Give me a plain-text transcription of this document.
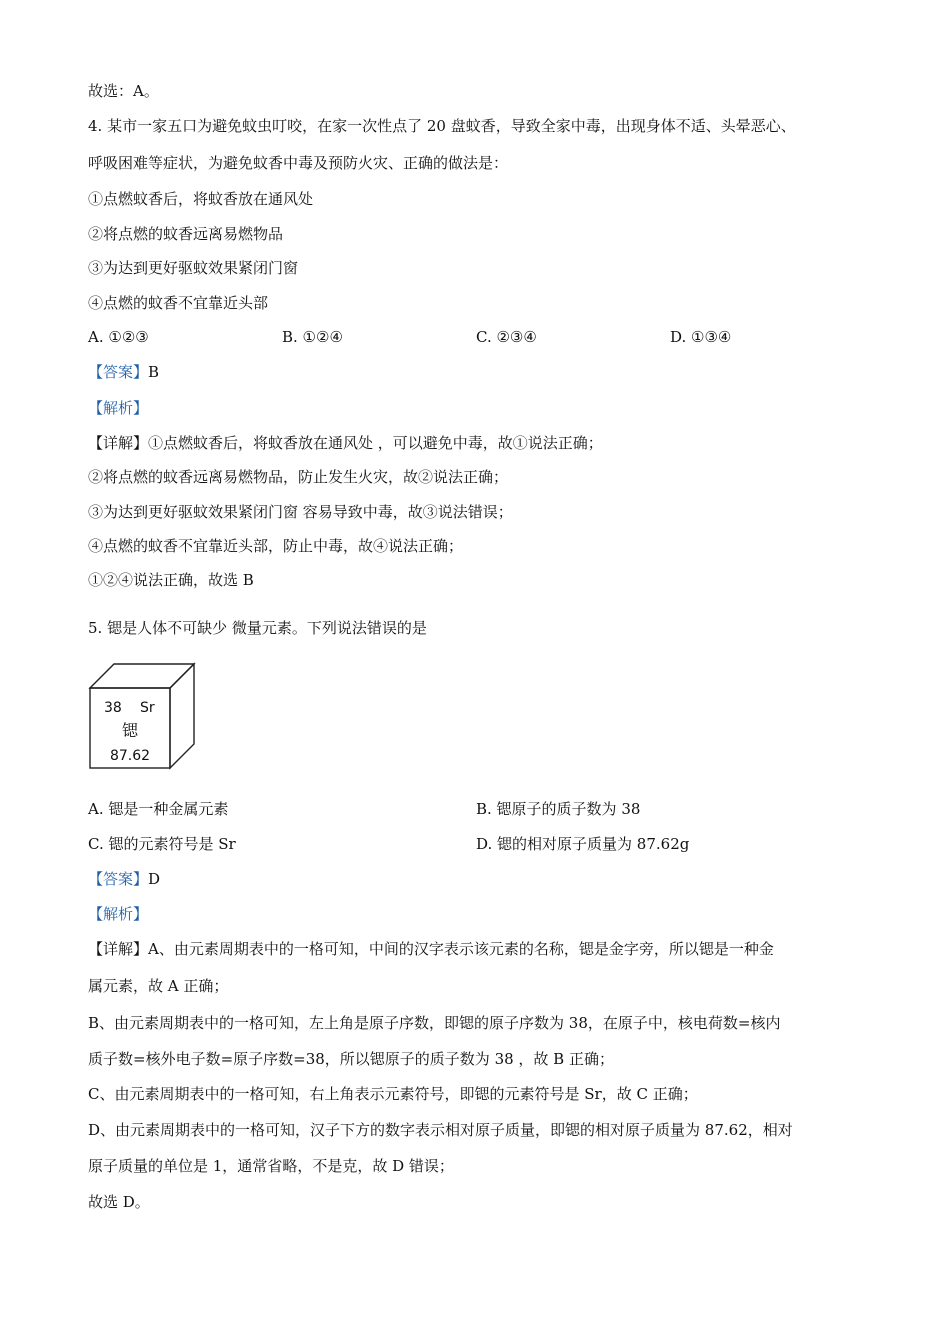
故选：A。
4. 某市一家五口为避免蚊虫叮咬，在家一次性点了 20 盘蚊香，导致全家中毒，出现身体不适、头晕恶心、
呼吸困难等症状，为避免蚊香中毒及预防火灾、正确的做法是：
①点燃蚊香后，将蚊香放在通风处
②将点燃的蚊香远离易燃物品
③为达到更好驱蚊效果紧闭门窗
④点燃的蚊香不宜靠近头部
A. ①②③	B. ①②④	C. ②③④	D. ①③④
【答案】B
【解析】
【详解】①点燃蚊香后，将蚊香放在通风处 ，可以避免中毒，故①说法正确；
②将点燃的蚊香远离易燃物品，防止发生火灾，故②说法正确；
③为达到更好驱蚊效果紧闭门窗 容易导致中毒，故③说法错误；
④点燃的蚊香不宜靠近头部，防止中毒，故④说法正确；
①②④说法正确，故选 B
5. 锶是人体不可缺少 微量元素。下列说法错误的是
38 Sr
锶
87.62
A. 锶是一种金属元素	B. 锶原子的质子数为 38
C. 锶的元素符号是 Sr	D. 锶的相对原子质量为 87.62g
【答案】D
【解析】
【详解】A、由元素周期表中的一格可知，中间的汉字表示该元素的名称，锶是金字旁，所以锶是一种金
属元素，故 A 正确；
B、由元素周期表中的一格可知，左上角是原子序数，即锶的原子序数为 38，在原子中，核电荷数=核内
质子数=核外电子数=原子序数=38，所以锶原子的质子数为 38 ，故 B 正确；
C、由元素周期表中的一格可知，右上角表示元素符号，即锶的元素符号是 Sr，故 C 正确；
D、由元素周期表中的一格可知，汉子下方的数字表示相对原子质量，即锶的相对原子质量为 87.62，相对
原子质量的单位是 1，通常省略，不是克，故 D 错误；
故选 D。
